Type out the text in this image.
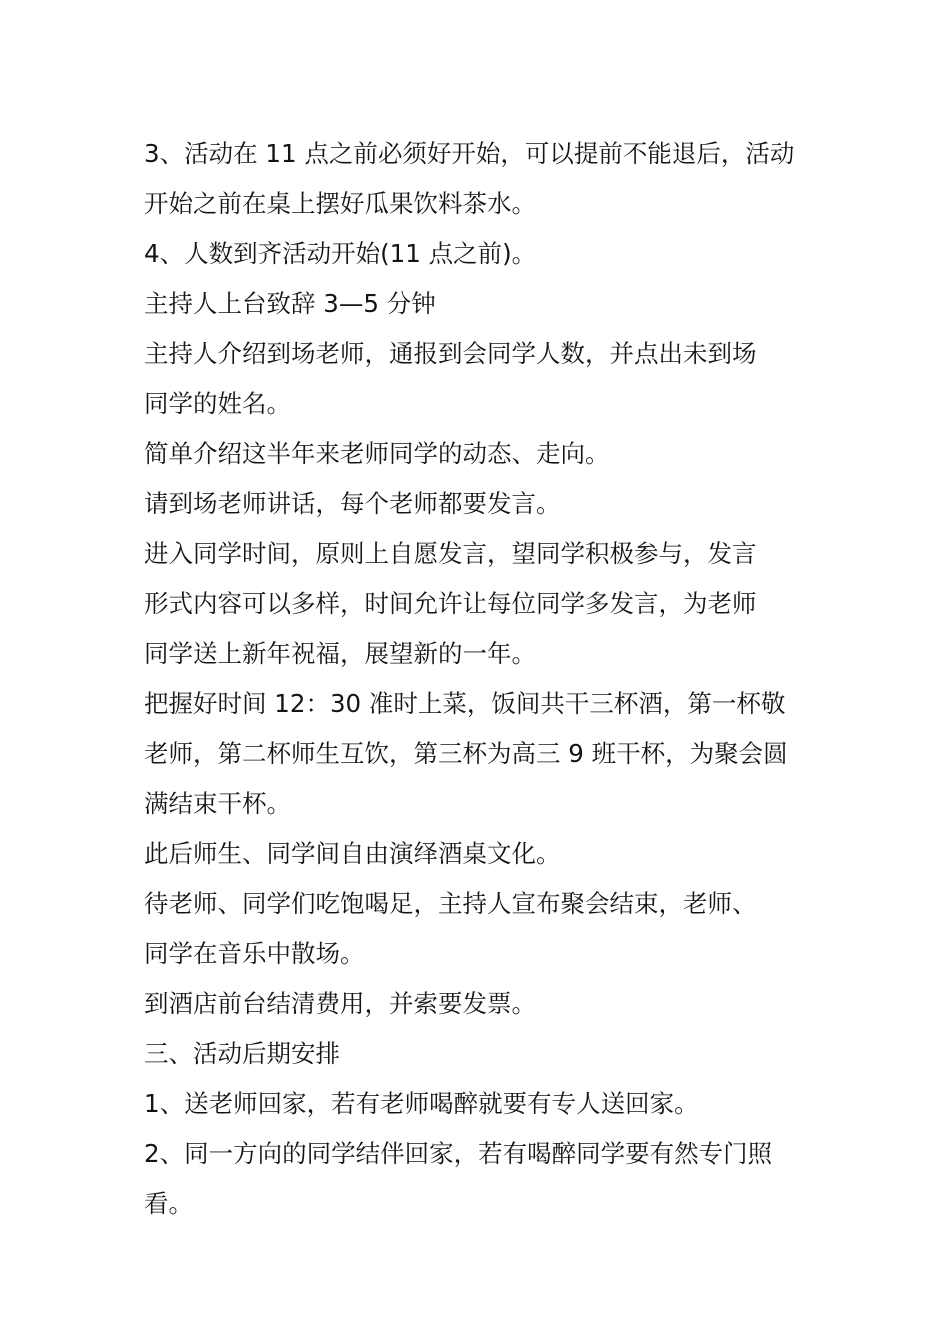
3、活动在 11 点之前必须好开始，可以提前不能退后，活动
开始之前在桌上摆好瓜果饮料茶水。
4、人数到齐活动开始(11 点之前)。
主持人上台致辞 3—5 分钟
主持人介绍到场老师，通报到会同学人数，并点出未到场
同学的姓名。
简单介绍这半年来老师同学的动态、走向。
请到场老师讲话，每个老师都要发言。
进入同学时间，原则上自愿发言，望同学积极参与，发言
形式内容可以多样，时间允许让每位同学多发言，为老师
同学送上新年祝福，展望新的一年。
把握好时间 12：30 准时上菜，饭间共干三杯酒，第一杯敬
老师，第二杯师生互饮，第三杯为高三 9 班干杯，为聚会圆
满结束干杯。
此后师生、同学间自由演绎酒桌文化。
待老师、同学们吃饱喝足，主持人宣布聚会结束，老师、
同学在音乐中散场。
到酒店前台结清费用，并索要发票。
三、活动后期安排
1、送老师回家，若有老师喝醉就要有专人送回家。
2、同一方向的同学结伴回家，若有喝醉同学要有然专门照
看。
